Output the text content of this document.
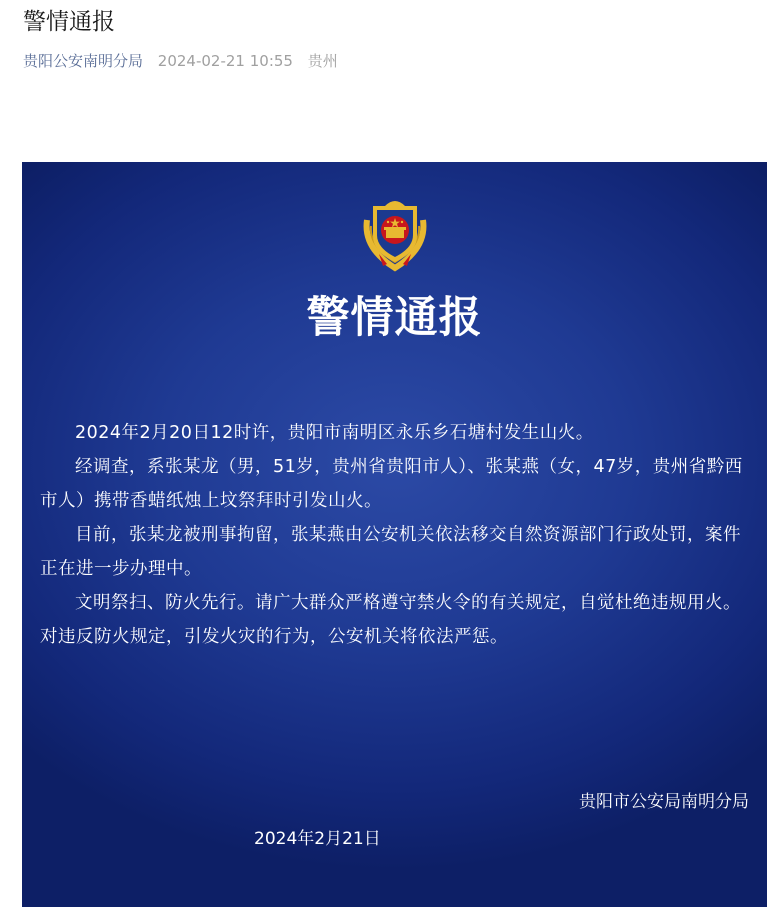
警情通报
贵阳公安南明分局 2024-02-21 10:55 贵州
警情通报

2024年2月20日12时许，贵阳市南明区永乐乡石塘村发生山火。

经调查，系张某龙（男，51岁，贵州省贵阳市人）、张某燕（女，47岁，贵州省黔西市人）携带香蜡纸烛上坟祭拜时引发山火。

目前，张某龙被刑事拘留，张某燕由公安机关依法移交自然资源部门行政处罚，案件正在进一步办理中。

文明祭扫、防火先行。请广大群众严格遵守禁火令的有关规定，自觉杜绝违规用火。对违反防火规定，引发火灾的行为，公安机关将依法严惩。

贵阳市公安局南明分局
2024年2月21日
